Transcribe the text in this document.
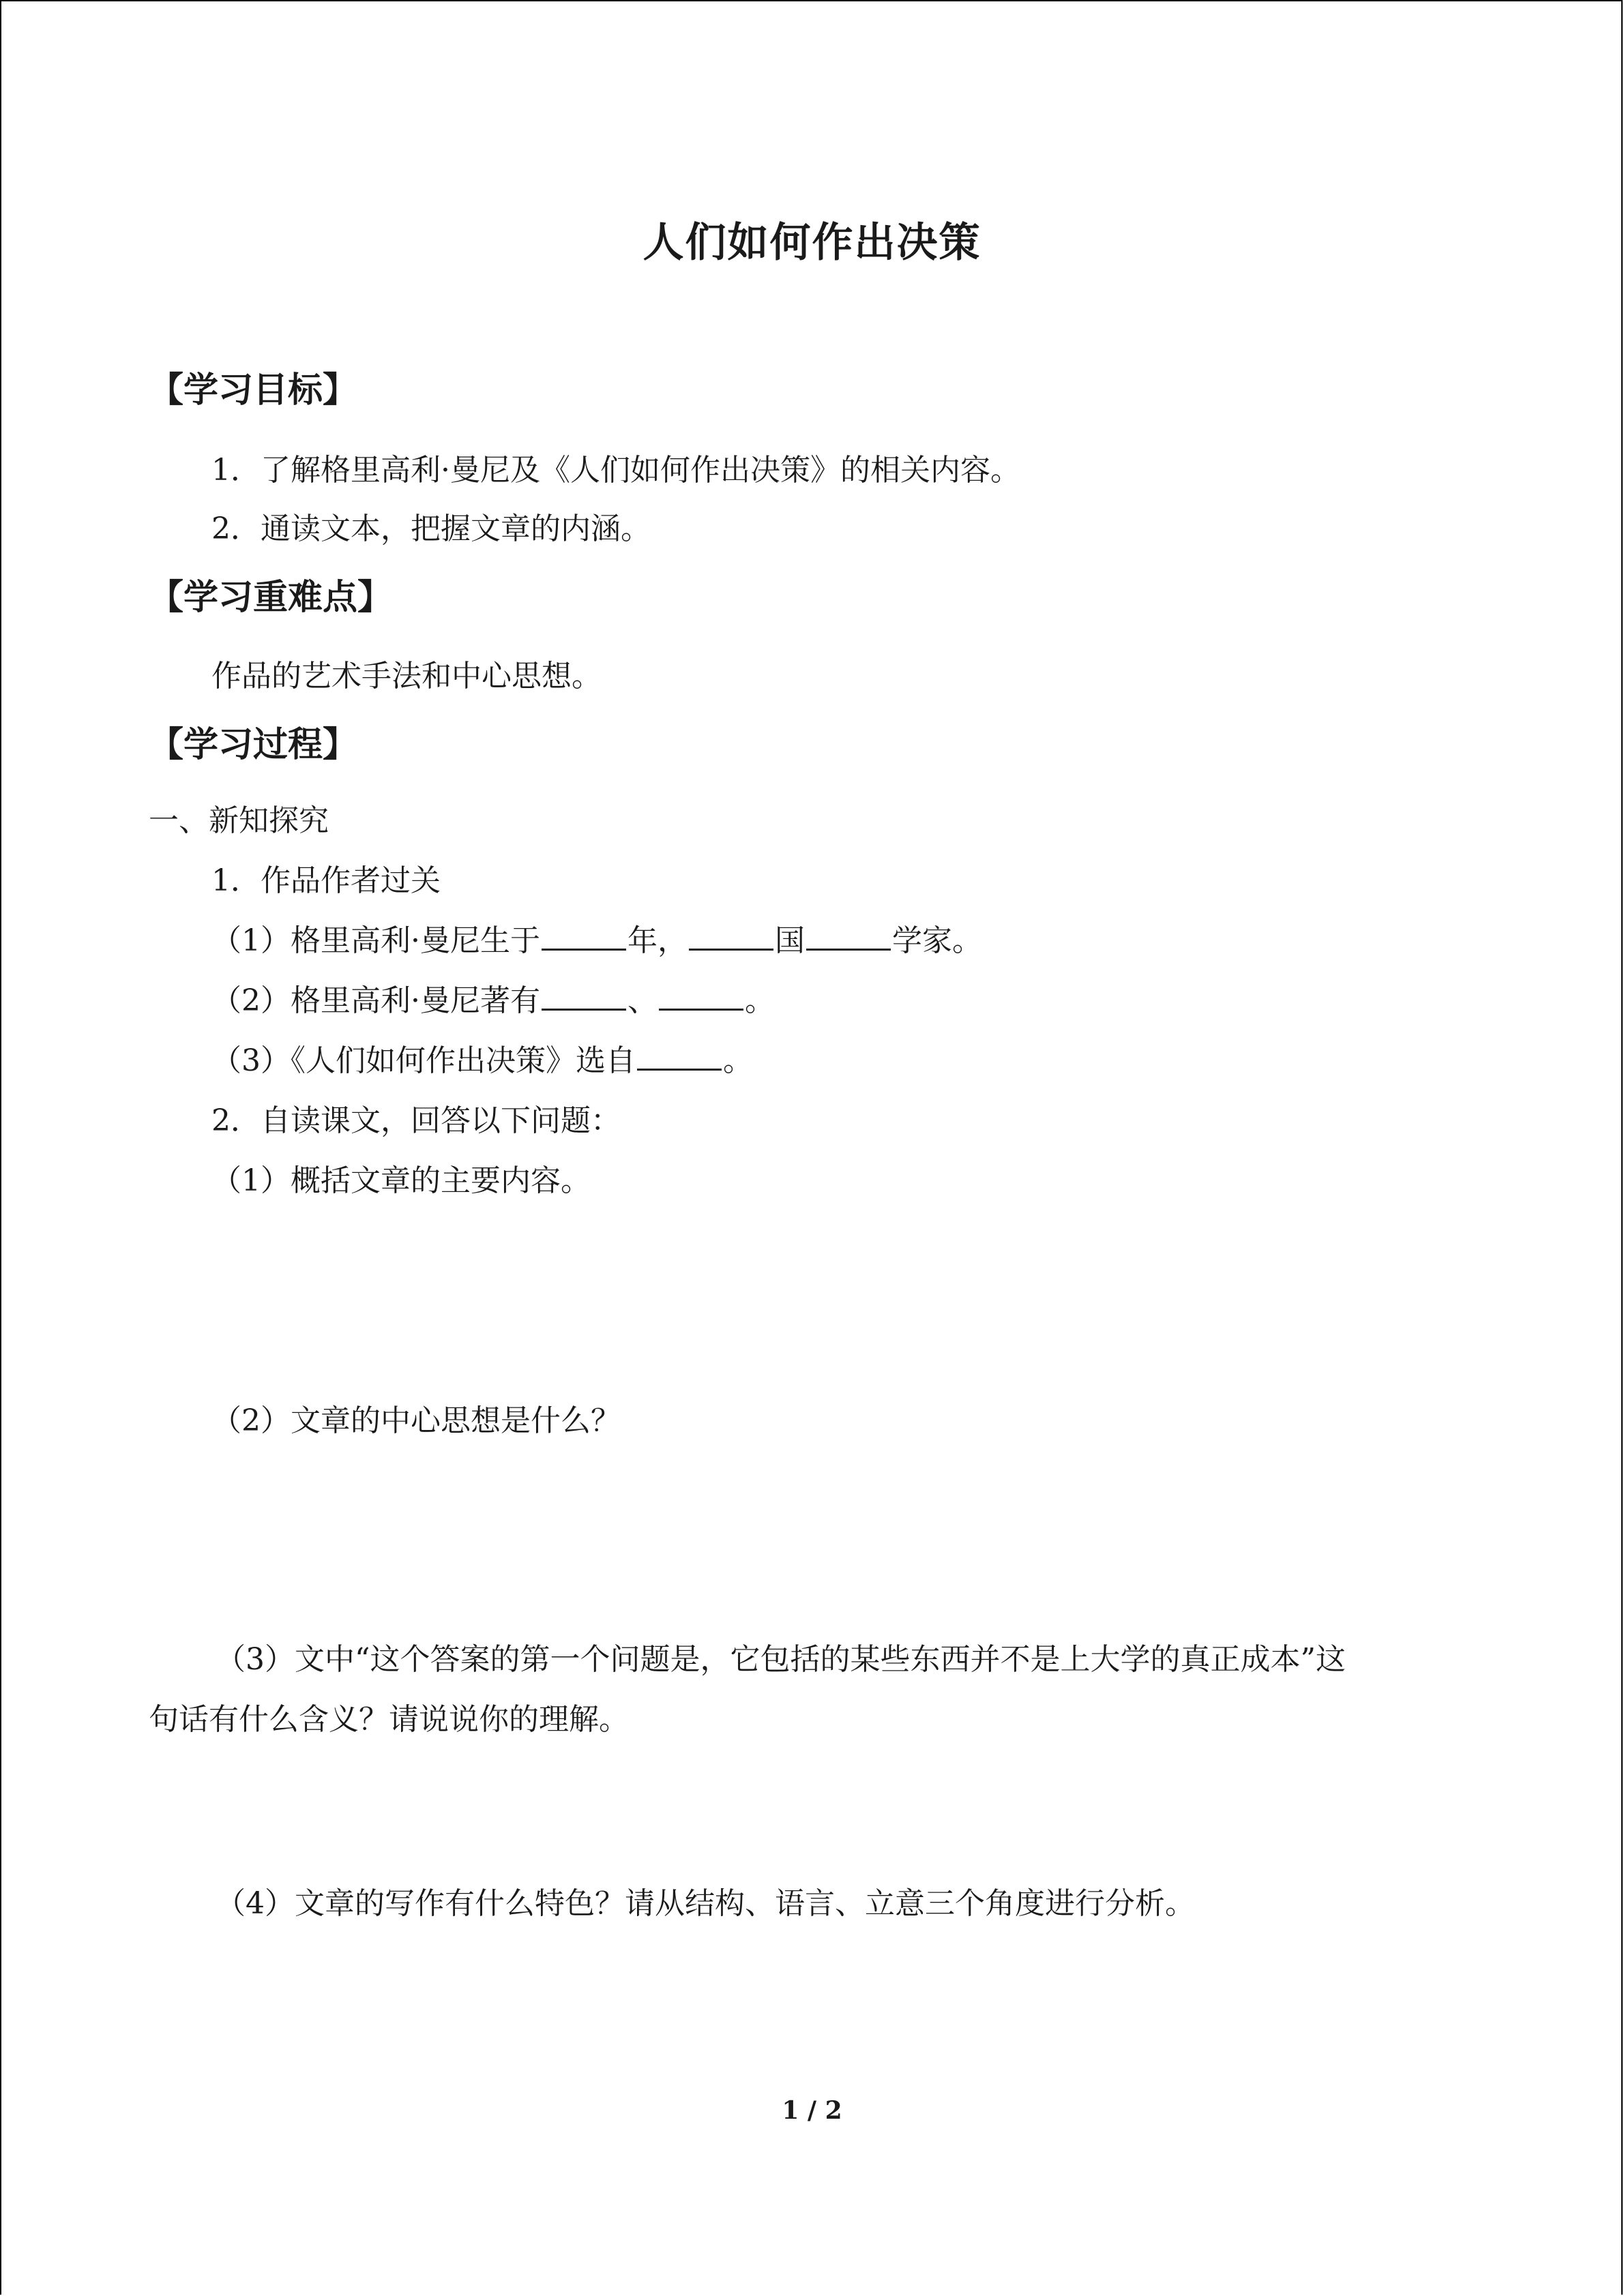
人们如何作出决策
【学习目标】
1．了解格里高利·曼尼及《人们如何作出决策》的相关内容。
2．通读文本，把握文章的内涵。
【学习重难点】
作品的艺术手法和中心思想。
【学习过程】
一、新知探究
1．作品作者过关
（1）格里高利·曼尼生于	年，	国	学家。
（2）格里高利·曼尼著有	、	。
（3）《人们如何作出决策》选自	。
2．自读课文，回答以下问题：
（1）概括文章的主要内容。
（2）文章的中心思想是什么？
（3）文中“这个答案的第一个问题是，它包括的某些东西并不是上大学的真正成本”这
句话有什么含义？请说说你的理解。
（4）文章的写作有什么特色？请从结构、语言、立意三个角度进行分析。
1 / 2
